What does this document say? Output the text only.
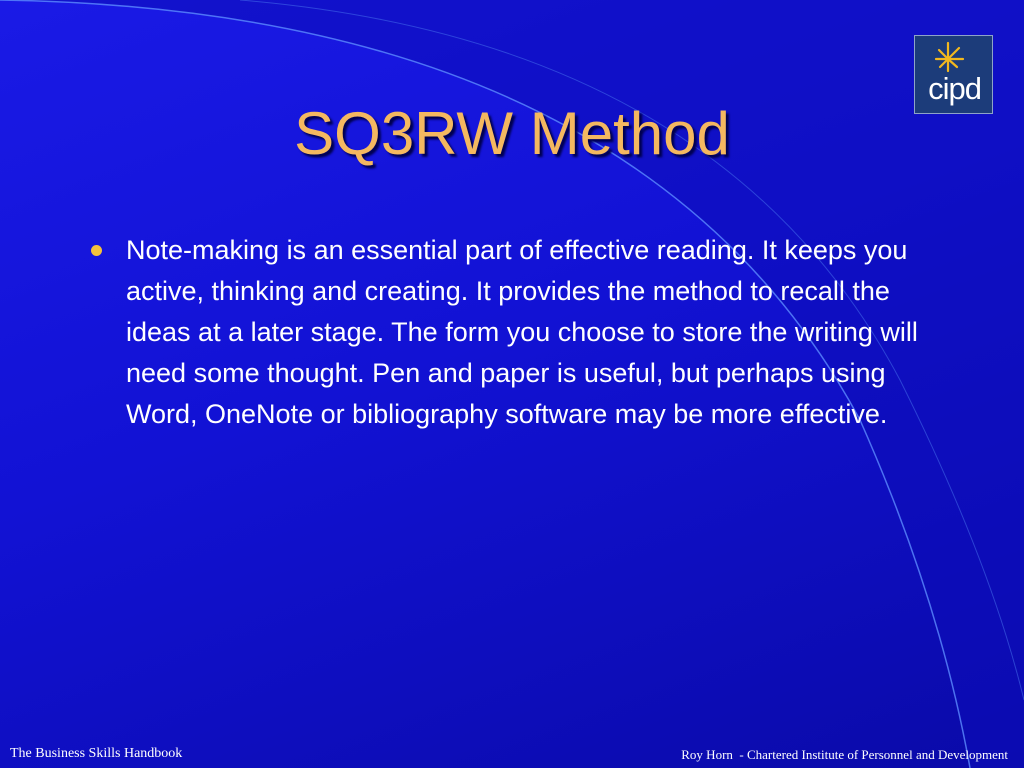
SQ3RW Method
cipd
Note-making is an essential part of effective reading. It keeps you active, thinking and creating. It provides the method to recall the ideas at a later stage. The form you choose to store the writing will need some thought. Pen and paper is useful, but perhaps using Word, OneNote or bibliography software may be more effective.
The Business Skills Handbook	Roy Horn  - Chartered Institute of Personnel and Development
